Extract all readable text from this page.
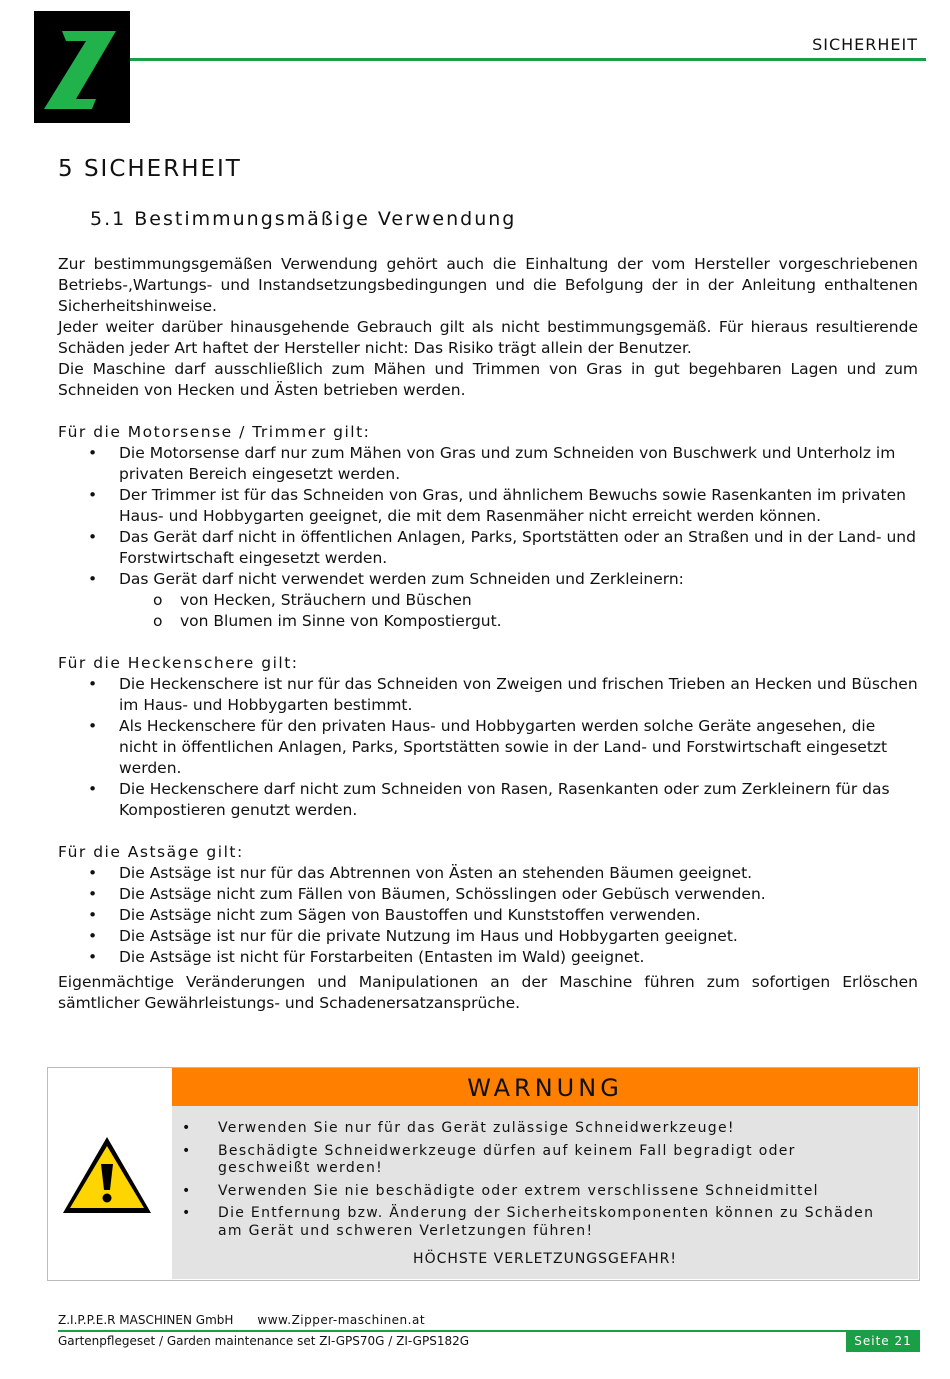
SICHERHEIT
5 SICHERHEIT
5.1 Bestimmungsmäßige Verwendung

Zur bestimmungsgemäßen Verwendung gehört auch die Einhaltung der vom Hersteller vorgeschriebenen Betriebs-,Wartungs- und Instandsetzungsbedingungen und die Befolgung der in der Anleitung enthaltenen Sicherheitshinweise.

Jeder weiter darüber hinausgehende Gebrauch gilt als nicht bestimmungsgemäß. Für hieraus resultierende Schäden jeder Art haftet der Hersteller nicht: Das Risiko trägt allein der Benutzer.

Die Maschine darf ausschließlich zum Mähen und Trimmen von Gras in gut begehbaren Lagen und zum Schneiden von Hecken und Ästen betrieben werden.

Für die Motorsense / Trimmer gilt:
• Die Motorsense darf nur zum Mähen von Gras und zum Schneiden von Buschwerk und Unterholz im privaten Bereich eingesetzt werden.
• Der Trimmer ist für das Schneiden von Gras, und ähnlichem Bewuchs sowie Rasenkanten im privaten Haus- und Hobbygarten geeignet, die mit dem Rasenmäher nicht erreicht werden können.
• Das Gerät darf nicht in öffentlichen Anlagen, Parks, Sportstätten oder an Straßen und in der Land- und Forstwirtschaft eingesetzt werden.
• Das Gerät darf nicht verwendet werden zum Schneiden und Zerkleinern:
o von Hecken, Sträuchern und Büschen
o von Blumen im Sinne von Kompostiergut.
Für die Heckenschere gilt:
• Die Heckenschere ist nur für das Schneiden von Zweigen und frischen Trieben an Hecken und Büschen im Haus- und Hobbygarten bestimmt.
• Als Heckenschere für den privaten Haus- und Hobbygarten werden solche Geräte angesehen, die nicht in öffentlichen Anlagen, Parks, Sportstätten sowie in der Land- und Forstwirtschaft eingesetzt werden.
• Die Heckenschere darf nicht zum Schneiden von Rasen, Rasenkanten oder zum Zerkleinern für das Kompostieren genutzt werden.
Für die Astsäge gilt:
• Die Astsäge ist nur für das Abtrennen von Ästen an stehenden Bäumen geeignet.
• Die Astsäge nicht zum Fällen von Bäumen, Schösslingen oder Gebüsch verwenden.
• Die Astsäge nicht zum Sägen von Baustoffen und Kunststoffen verwenden.
• Die Astsäge ist nur für die private Nutzung im Haus und Hobbygarten geeignet.
• Die Astsäge ist nicht für Forstarbeiten (Entasten im Wald) geeignet.

Eigenmächtige Veränderungen und Manipulationen an der Maschine führen zum sofortigen Erlöschen sämtlicher Gewährleistungs- und Schadenersatzansprüche.

WARNUNG
• Verwenden Sie nur für das Gerät zulässige Schneidwerkzeuge!
• Beschädigte Schneidwerkzeuge dürfen auf keinem Fall begradigt oder geschweißt werden!
• Verwenden Sie nie beschädigte oder extrem verschlissene Schneidmittel
• Die Entfernung bzw. Änderung der Sicherheitskomponenten können zu Schäden am Gerät und schweren Verletzungen führen!
HÖCHSTE VERLETZUNGSGEFAHR!
Z.I.P.P.E.R MASCHINEN GmbH www.Zipper-maschinen.at
Gartenpflegeset / Garden maintenance set ZI-GPS70G / ZI-GPS182G	Seite 21
